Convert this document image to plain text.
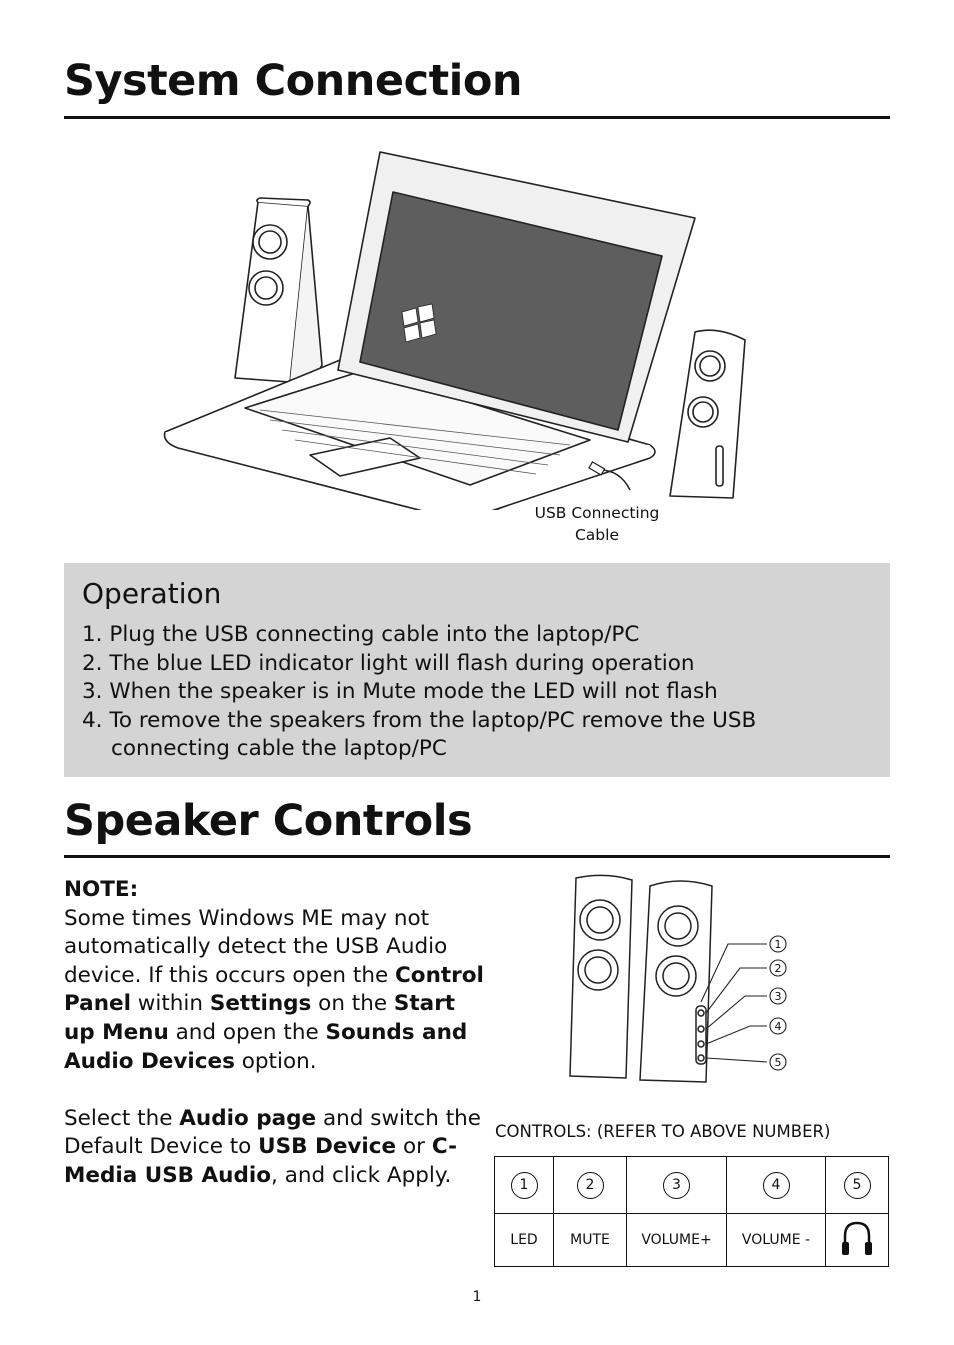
System Connection
USB Connecting
Cable
Operation
1. Plug the USB connecting cable into the laptop/PC
2. The blue LED indicator light will flash during operation
3. When the speaker is in Mute mode the LED will not flash
4. To remove the speakers from the laptop/PC remove the USB connecting cable the laptop/PC
Speaker Controls

NOTE:

Some times Windows ME may not automatically detect the USB Audio device. If this occurs open the Control Panel within Settings on the Start up Menu and open the Sounds and Audio Devices option.

Select the Audio page and switch the Default Device to USB Device or C-Media USB Audio, and click Apply.

1
2
3
4
5
CONTROLS: (REFER TO ABOVE NUMBER)
1	2	3	4	5
LED	MUTE	VOLUME+	VOLUME -	
1
